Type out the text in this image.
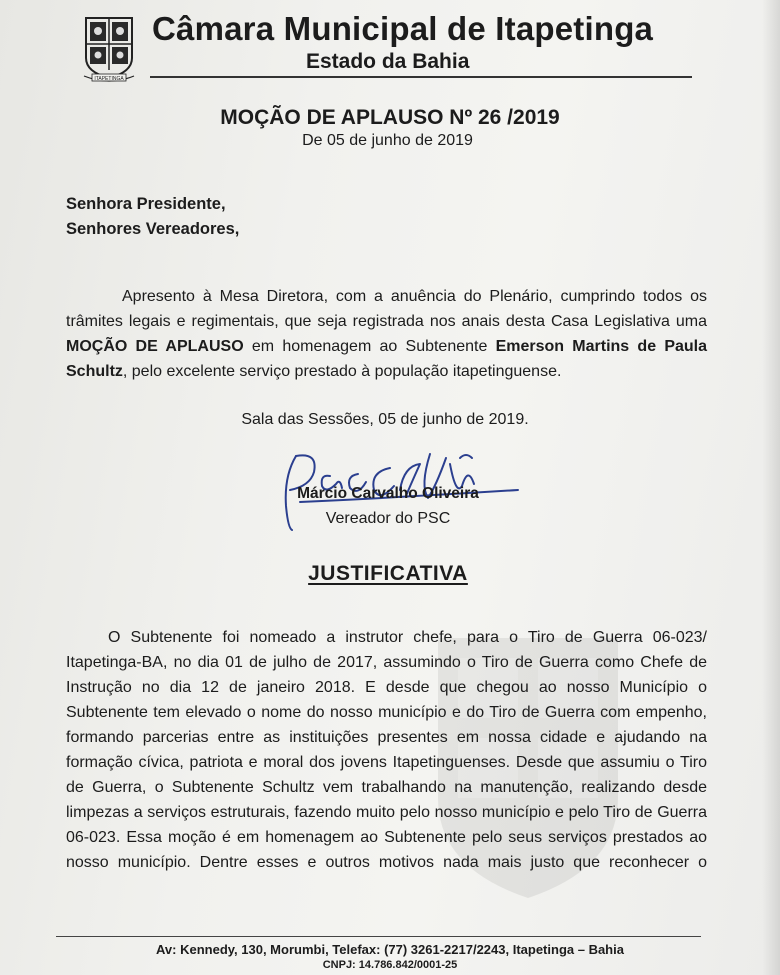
ITAPETINGA
Câmara Municipal de Itapetinga
Estado da Bahia
MOÇÃO DE APLAUSO Nº 26 /2019
De 05 de junho de 2019
Senhora Presidente,
Senhores Vereadores,
Apresento à Mesa Diretora, com a anuência do Plenário, cumprindo todos os
trâmites legais e regimentais, que seja registrada nos anais desta Casa Legislativa uma
MOÇÃO DE APLAUSO em homenagem ao Subtenente Emerson Martins de Paula
Schultz, pelo excelente serviço prestado à população itapetinguense.
Sala das Sessões, 05 de junho de 2019.
Márcio Carvalho Oliveira
Vereador do PSC
JUSTIFICATIVA
O Subtenente foi nomeado a instrutor chefe, para o Tiro de Guerra 06-023/
Itapetinga-BA, no dia 01 de julho de 2017, assumindo o Tiro de Guerra como Chefe de
Instrução no dia 12 de janeiro 2018. E desde que chegou ao nosso Município o
Subtenente tem elevado o nome do nosso município e do Tiro de Guerra com empenho,
formando parcerias entre as instituições presentes em nossa cidade e ajudando na
formação cívica, patriota e moral dos jovens Itapetinguenses. Desde que assumiu o Tiro
de Guerra, o Subtenente Schultz vem trabalhando na manutenção, realizando desde
limpezas a serviços estruturais, fazendo muito pelo nosso município e pelo Tiro de Guerra
06-023. Essa moção é em homenagem ao Subtenente pelo seus serviços prestados ao
nosso município. Dentre esses e outros motivos nada mais justo que reconhecer o
Av: Kennedy, 130, Morumbi, Telefax: (77) 3261-2217/2243, Itapetinga – Bahia
CNPJ: 14.786.842/0001-25
